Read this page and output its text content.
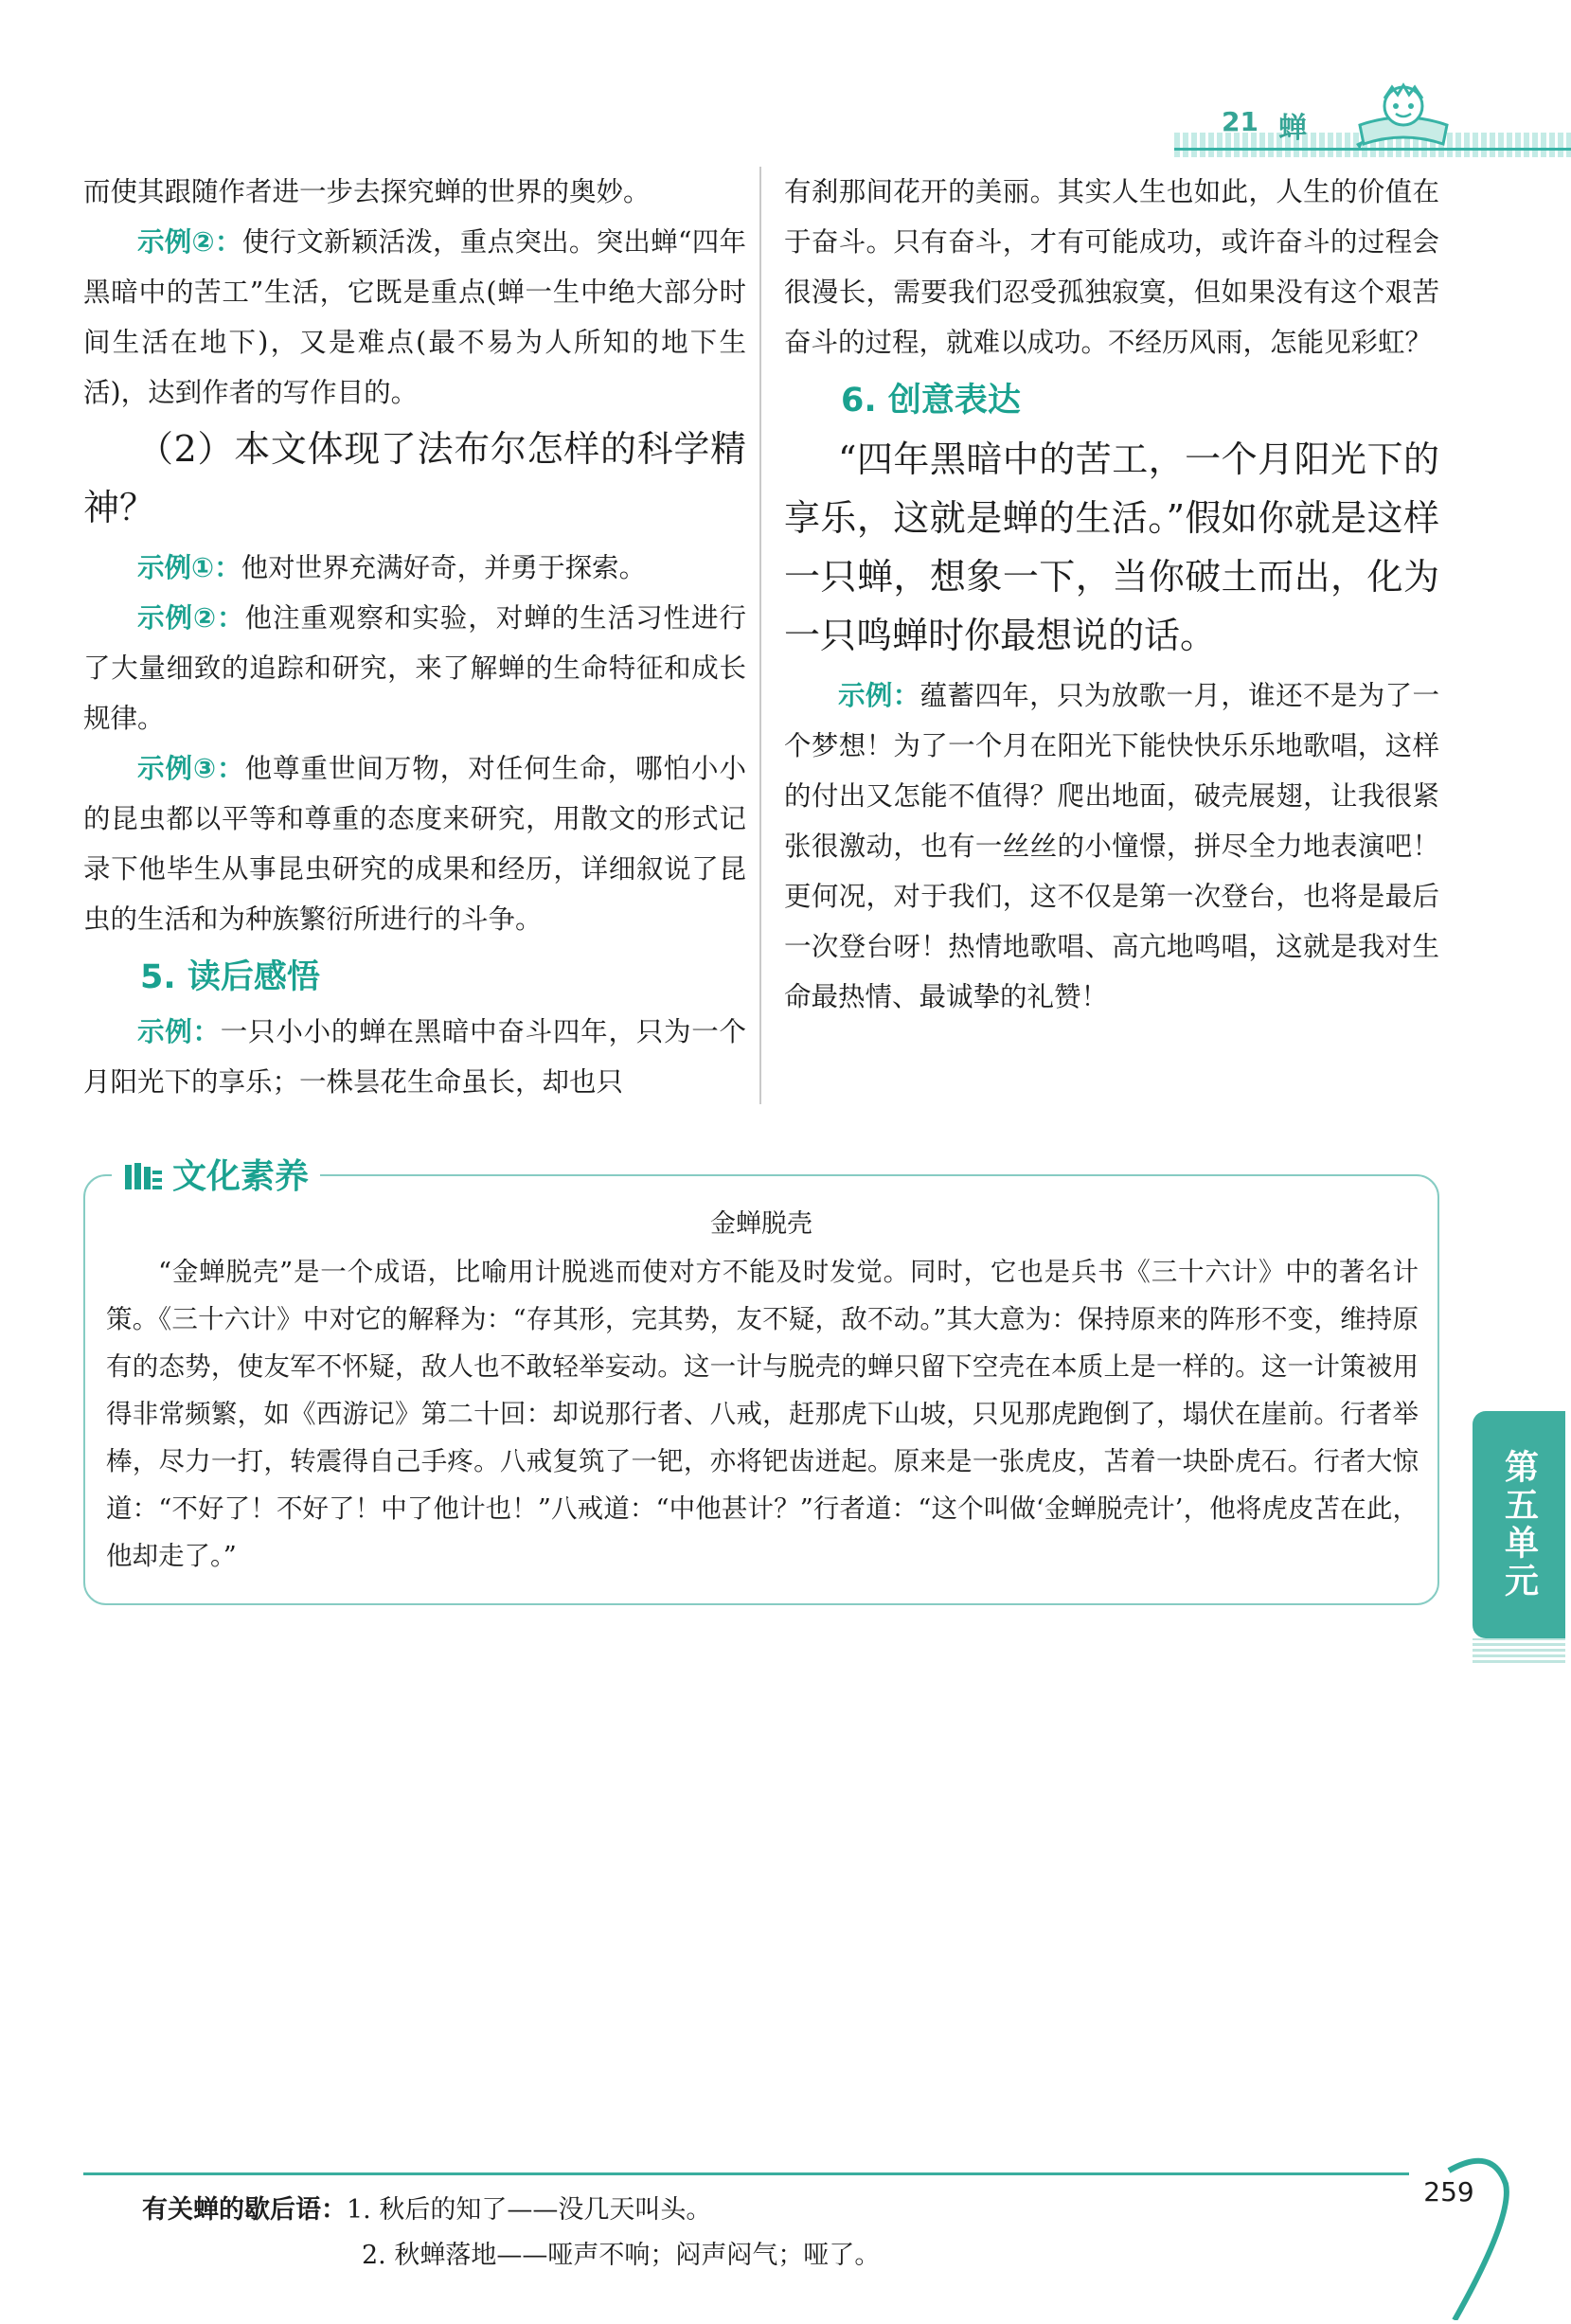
21 蝉

而使其跟随作者进一步去探究蝉的世界的奥妙。

示例②：使行文新颖活泼，重点突出。突出蝉“四年黑暗中的苦工”生活，它既是重点(蝉一生中绝大部分时间生活在地下)，又是难点(最不易为人所知的地下生活)，达到作者的写作目的。

（2）本文体现了法布尔怎样的科学精神？

示例①：他对世界充满好奇，并勇于探索。

示例②：他注重观察和实验，对蝉的生活习性进行了大量细致的追踪和研究，来了解蝉的生命特征和成长规律。

示例③：他尊重世间万物，对任何生命，哪怕小小的昆虫都以平等和尊重的态度来研究，用散文的形式记录下他毕生从事昆虫研究的成果和经历，详细叙说了昆虫的生活和为种族繁衍所进行的斗争。

5. 读后感悟

示例：一只小小的蝉在黑暗中奋斗四年，只为一个月阳光下的享乐；一株昙花生命虽长，却也只

有刹那间花开的美丽。其实人生也如此，人生的价值在于奋斗。只有奋斗，才有可能成功，或许奋斗的过程会很漫长，需要我们忍受孤独寂寞，但如果没有这个艰苦奋斗的过程，就难以成功。不经历风雨，怎能见彩虹？

6. 创意表达

“四年黑暗中的苦工，一个月阳光下的享乐，这就是蝉的生活。”假如你就是这样一只蝉，想象一下，当你破土而出，化为一只鸣蝉时你最想说的话。

示例：蕴蓄四年，只为放歌一月，谁还不是为了一个梦想！为了一个月在阳光下能快快乐乐地歌唱，这样的付出又怎能不值得？爬出地面，破壳展翅，让我很紧张很激动，也有一丝丝的小憧憬，拼尽全力地表演吧！更何况，对于我们，这不仅是第一次登台，也将是最后一次登台呀！热情地歌唱、高亢地鸣唱，这就是我对生命最热情、最诚挚的礼赞！

文化素养
金蝉脱壳

“金蝉脱壳”是一个成语，比喻用计脱逃而使对方不能及时发觉。同时，它也是兵书《三十六计》中的著名计策。《三十六计》中对它的解释为：“存其形，完其势，友不疑，敌不动。”其大意为：保持原来的阵形不变，维持原有的态势，使友军不怀疑，敌人也不敢轻举妄动。这一计与脱壳的蝉只留下空壳在本质上是一样的。这一计策被用得非常频繁，如《西游记》第二十回：却说那行者、八戒，赶那虎下山坡，只见那虎跑倒了，塌伏在崖前。行者举棒，尽力一打，转震得自己手疼。八戒复筑了一钯，亦将钯齿迸起。原来是一张虎皮，苫着一块卧虎石。行者大惊道：“不好了！不好了！中了他计也！”八戒道：“中他甚计？”行者道：“这个叫做‘金蝉脱壳计’，他将虎皮苫在此，他却走了。”	第五单元
有关蝉的歇后语：1. 秋后的知了——没几天叫头。
2. 秋蝉落地——哑声不响；闷声闷气；哑了。
259
